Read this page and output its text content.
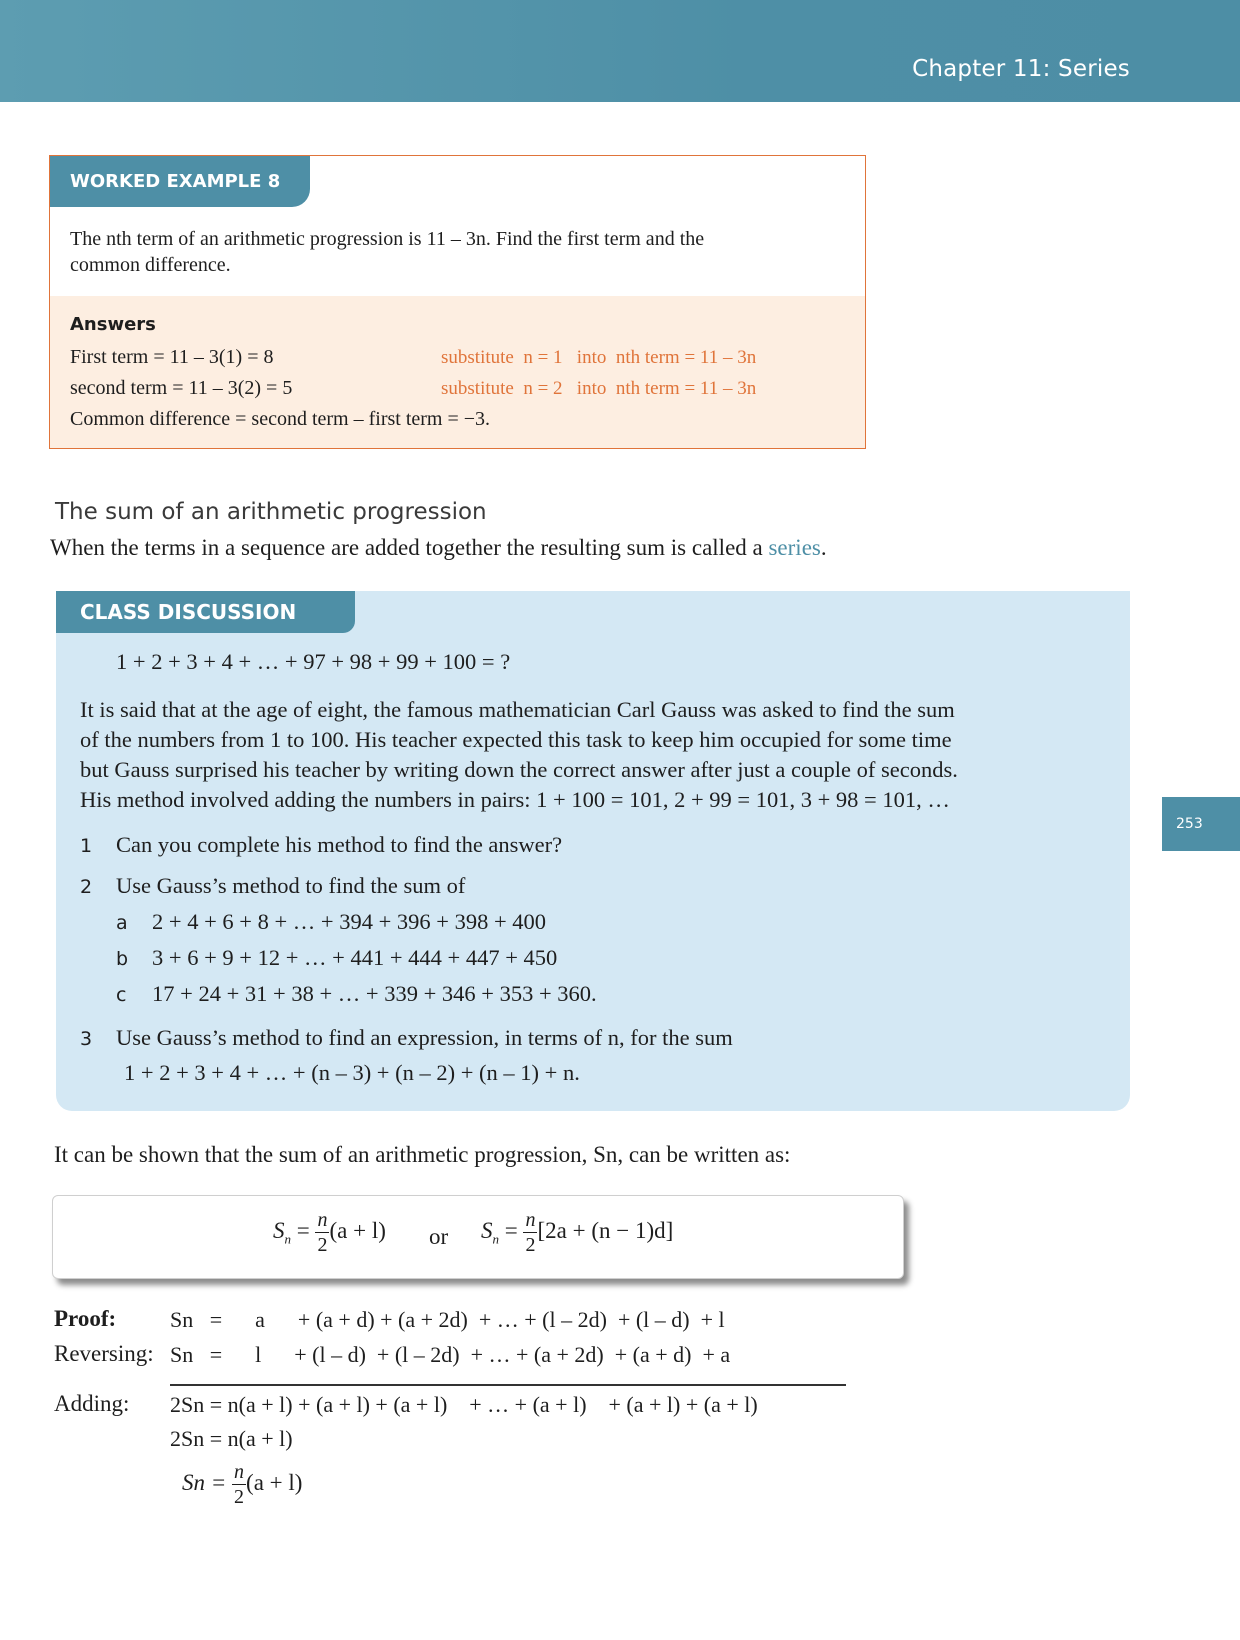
Chapter 11: Series
253
WORKED EXAMPLE 8
The nth term of an arithmetic progression is 11 – 3n. Find the first term and the
common difference.
Answers
First term = 11 – 3(1) = 8
second term = 11 – 3(2) = 5
Common difference = second term – first term = −3.
substitute  n = 1   into  nth term = 11 – 3n
substitute  n = 2   into  nth term = 11 – 3n
The sum of an arithmetic progression
When the terms in a sequence are added together the resulting sum is called a series.
CLASS DISCUSSION
1 + 2 + 3 + 4 + … + 97 + 98 + 99 + 100 = ?
It is said that at the age of eight, the famous mathematician Carl Gauss was asked to find the sum
of the numbers from 1 to 100. His teacher expected this task to keep him occupied for some time
but Gauss surprised his teacher by writing down the correct answer after just a couple of seconds.
His method involved adding the numbers in pairs: 1 + 100 = 101, 2 + 99 = 101, 3 + 98 = 101, …
1 Can you complete his method to find the answer?
2 Use Gauss’s method to find the sum of
a 2 + 4 + 6 + 8 + … + 394 + 396 + 398 + 400
b 3 + 6 + 9 + 12 + … + 441 + 444 + 447 + 450
c 17 + 24 + 31 + 38 + … + 339 + 346 + 353 + 360.
3 Use Gauss’s method to find an expression, in terms of n, for the sum
1 + 2 + 3 + 4 + … + (n – 3) + (n – 2) + (n – 1) + n.
It can be shown that the sum of an arithmetic progression, Sn, can be written as:
$S_n = \frac{n}{2} (a + l)$ or $S_n = \frac{n}{2} [2a + (n - 1)d]$
Proof:
Reversing:
Adding:
Sn   =      a      + (a + d) + (a + 2d)  + … + (l – 2d)  + (l – d)  + l
Sn   =      l      + (l – d)  + (l – 2d)  + … + (a + 2d)  + (a + d)  + a
2Sn = n(a + l) + (a + l) + (a + l)    + … + (a + l)    + (a + l) + (a + l)
2Sn = n(a + l)
$Sn = \frac{n}{2} (a + l)$
